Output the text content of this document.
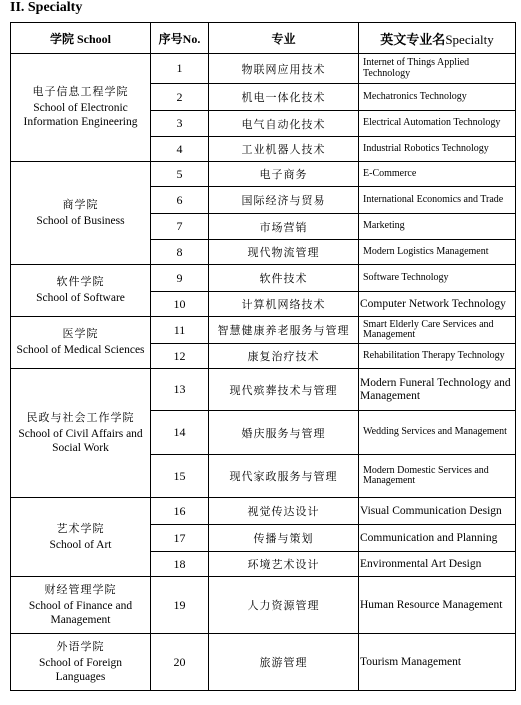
II. Specialty
学院 School	序号No.	专业	英文专业名Specialty

电子信息工程学院
School of Electronic Information Engineering	1	物联网应用技术	Internet of Things Applied Technology
	2	机电一体化技术	Mechatronics Technology
	3	电气自动化技术	Electrical Automation Technology
	4	工业机器人技术	Industrial Robotics Technology

商学院
School of Business	5	电子商务	E-Commerce
	6	国际经济与贸易	International Economics and Trade
	7	市场营销	Marketing
	8	现代物流管理	Modern Logistics Management

软件学院
School of Software	9	软件技术	Software Technology
	10	计算机网络技术	Computer Network Technology

医学院
School of Medical Sciences	11	智慧健康养老服务与管理	Smart Elderly Care Services and Management
	12	康复治疗技术	Rehabilitation Therapy Technology

民政与社会工作学院
School of Civil Affairs and Social Work	13	现代殡葬技术与管理	Modern Funeral Technology and Management
	14	婚庆服务与管理	Wedding Services and Management
	15	现代家政服务与管理	Modern Domestic Services and Management

艺术学院
School of Art	16	视觉传达设计	Visual Communication Design
	17	传播与策划	Communication and Planning
	18	环境艺术设计	Environmental Art Design

财经管理学院
School of Finance and Management	19	人力资源管理	Human Resource Management

外语学院
School of Foreign Languages	20	旅游管理	Tourism Management
